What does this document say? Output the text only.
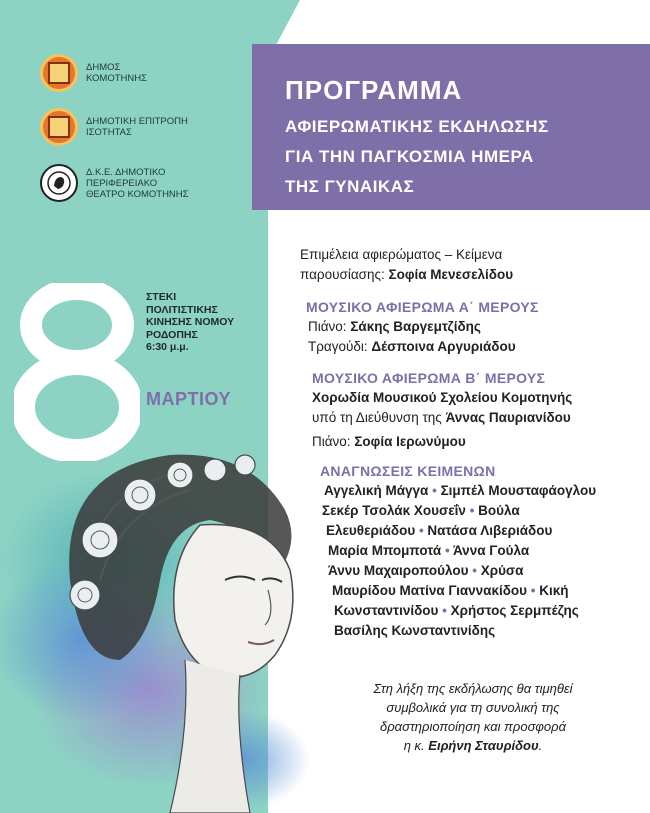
ΠΡΟΓΡΑΜΜΑ
ΑΦΙΕΡΩΜΑΤΙΚΗΣ ΕΚΔΗΛΩΣΗΣ
ΓΙΑ ΤΗΝ ΠΑΓΚΟΣΜΙΑ ΗΜΕΡΑ
ΤΗΣ ΓΥΝΑΙΚΑΣ
ΔΗΜΟΣ
ΚΟΜΟΤΗΝΗΣ
ΔΗΜΟΤΙΚΗ ΕΠΙΤΡΟΠΗ
ΙΣΟΤΗΤΑΣ
Δ.Κ.Ε. ΔΗΜΟΤΙΚΟ
ΠΕΡΙΦΕΡΕΙΑΚΟ
ΘΕΑΤΡΟ ΚΟΜΟΤΗΝΗΣ
ΣΤΕΚΙ
ΠΟΛΙΤΙΣΤΙΚΗΣ
ΚΙΝΗΣΗΣ ΝΟΜΟΥ
ΡΟΔΟΠΗΣ
6:30 μ.μ.
ΜΑΡΤΙΟΥ
Επιμέλεια αφιερώματος – Κείμενα
παρουσίασης: Σοφία Μενεσελίδου
ΜΟΥΣΙΚΟ ΑΦΙΕΡΩΜΑ Α΄ ΜΕΡΟΥΣ
Πιάνο: Σάκης Βαργεμτζίδης
Τραγούδι: Δέσποινα Αργυριάδου
ΜΟΥΣΙΚΟ ΑΦΙΕΡΩΜΑ Β΄ ΜΕΡΟΥΣ
Χορωδία Μουσικού Σχολείου Κομοτηνής
υπό τη Διεύθυνση της Άννας Παυριανίδου
Πιάνο: Σοφία Ιερωνύμου
ΑΝΑΓΝΩΣΕΙΣ ΚΕΙΜΕΝΩΝ
Αγγελική Μάγγα • Σιμπέλ Μουσταφάογλου
Σεκέρ Τσολάκ Χουσεΐν • Βούλα
Ελευθεριάδου • Νατάσα Λιβεριάδου
Μαρία Μπομποτά • Άννα Γούλα
Άννυ Μαχαιροπούλου • Χρύσα
Μαυρίδου Ματίνα Γιαννακίδου • Κική
Κωνσταντινίδου • Χρήστος Σερμπέζης
Βασίλης Κωνσταντινίδης
Στη λήξη της εκδήλωσης θα τιμηθεί
συμβολικά για τη συνολική της
δραστηριοποίηση και προσφορά
η κ. Ειρήνη Σταυρίδου.
